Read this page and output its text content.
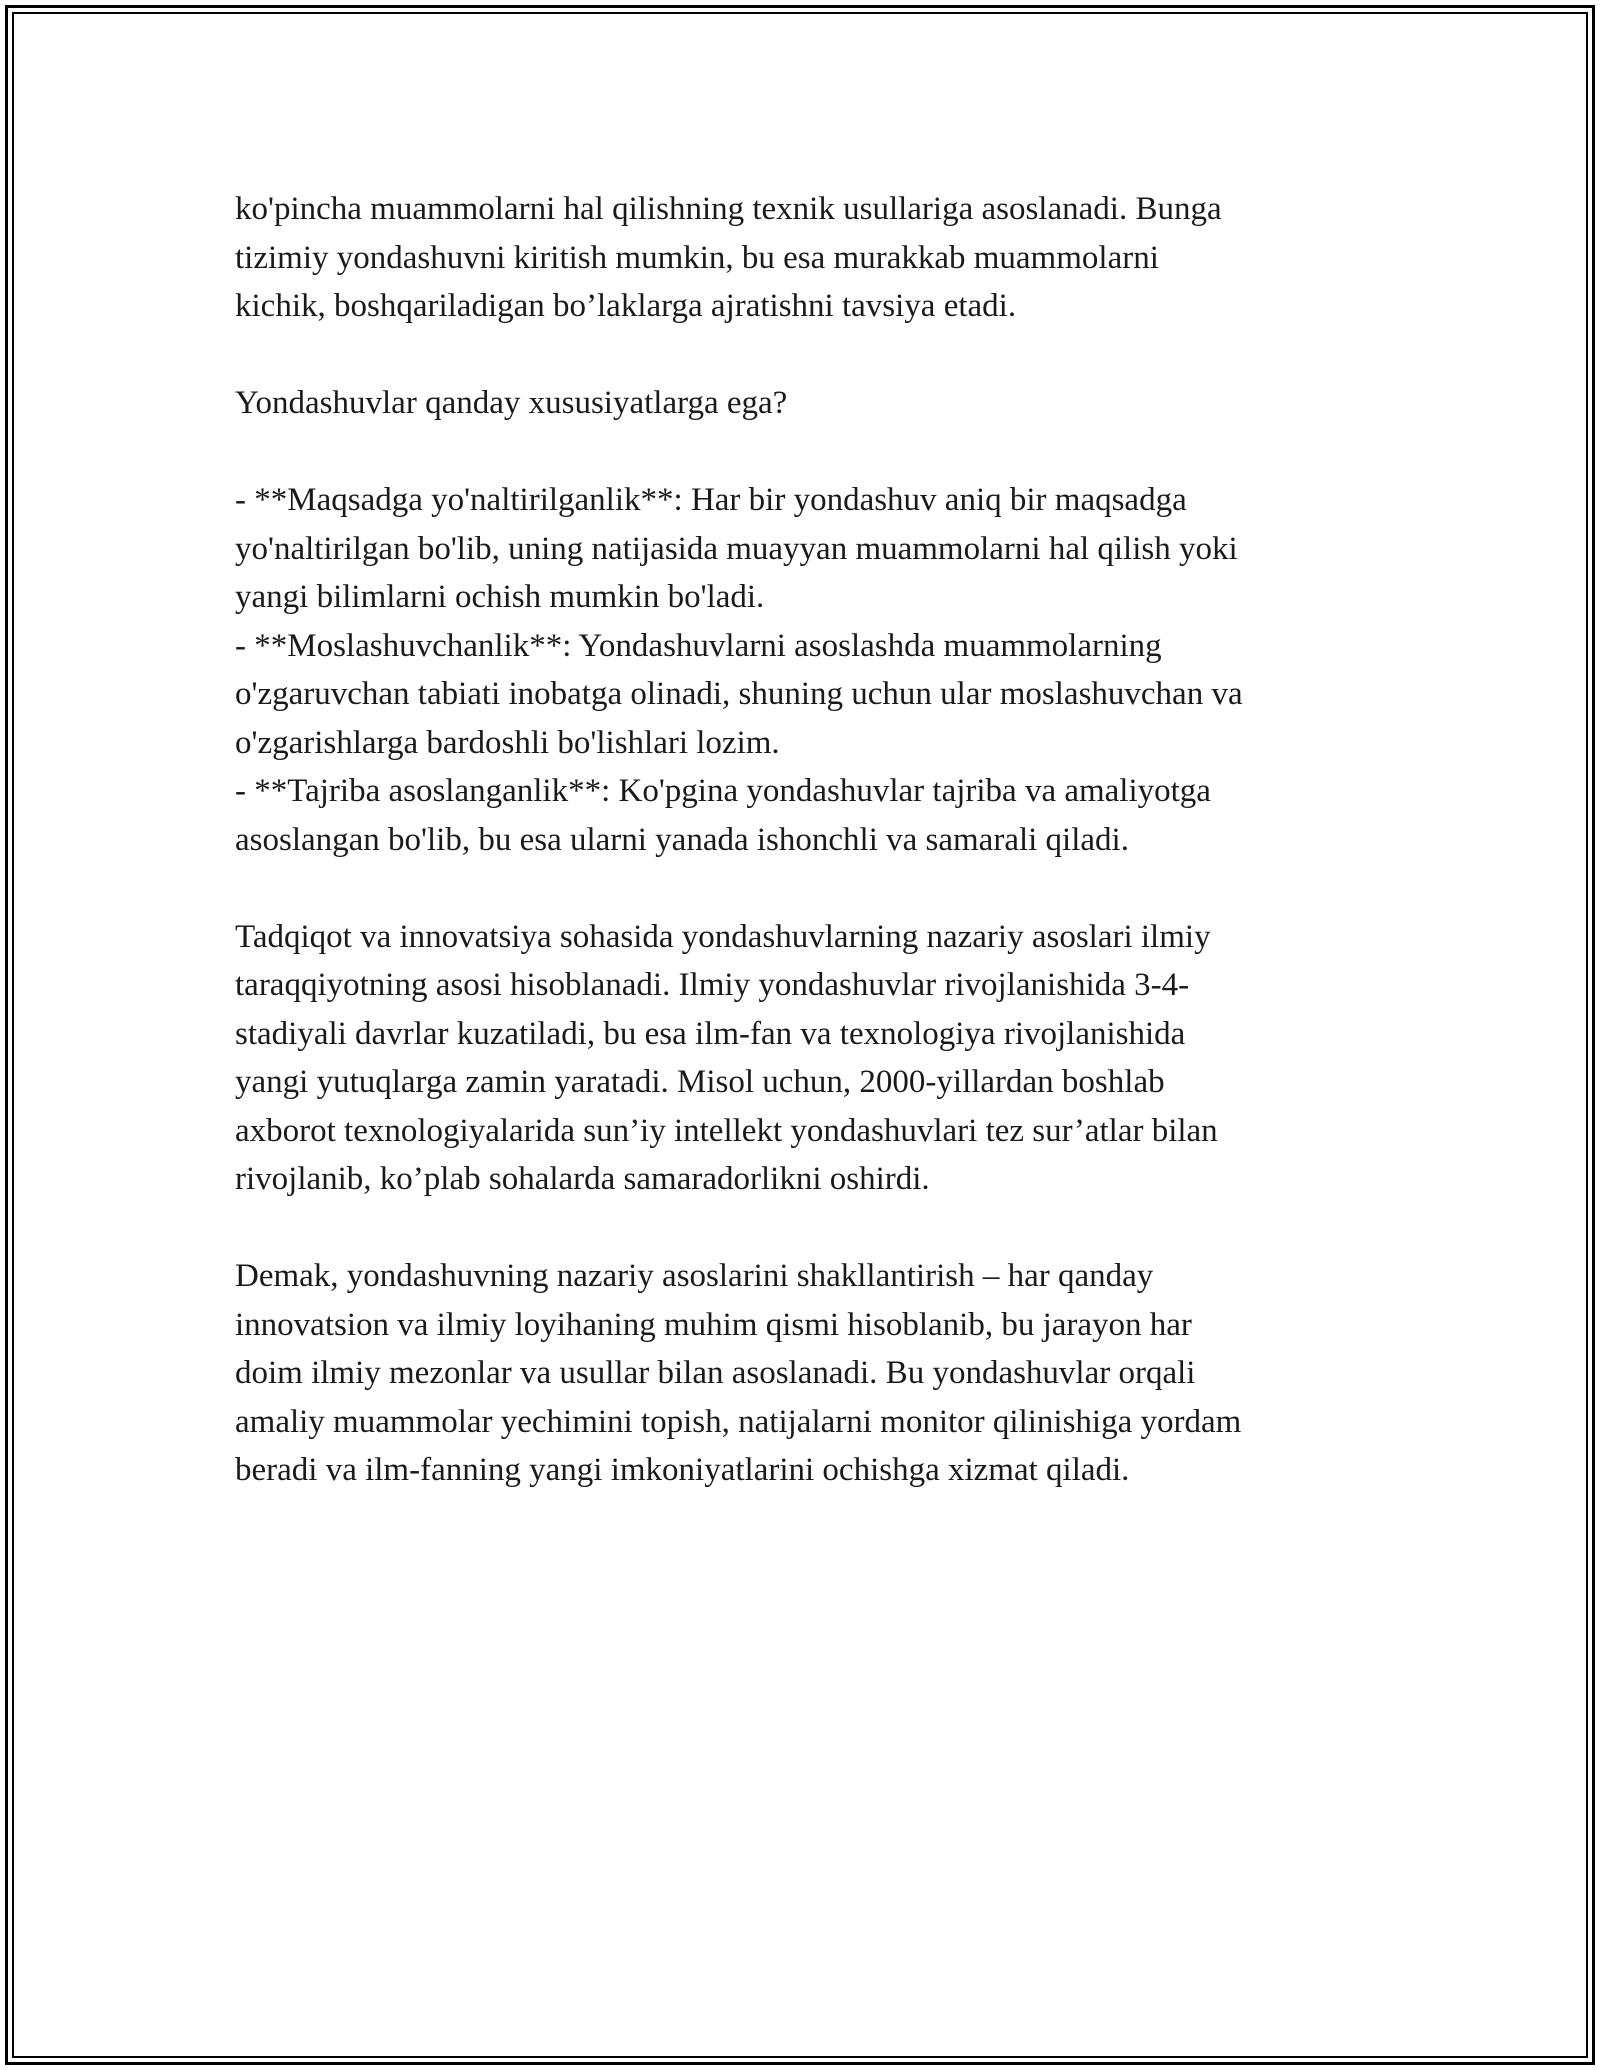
ko'pincha muammolarni hal qilishning texnik usullariga asoslanadi. Bunga
tizimiy yondashuvni kiritish mumkin, bu esa murakkab muammolarni
kichik, boshqariladigan bo’laklarga ajratishni tavsiya etadi.

Yondashuvlar qanday xususiyatlarga ega?

- **Maqsadga yo'naltirilganlik**: Har bir yondashuv aniq bir maqsadga
yo'naltirilgan bo'lib, uning natijasida muayyan muammolarni hal qilish yoki
yangi bilimlarni ochish mumkin bo'ladi.
- **Moslashuvchanlik**: Yondashuvlarni asoslashda muammolarning
o'zgaruvchan tabiati inobatga olinadi, shuning uchun ular moslashuvchan va
o'zgarishlarga bardoshli bo'lishlari lozim.
- **Tajriba asoslanganlik**: Ko'pgina yondashuvlar tajriba va amaliyotga
asoslangan bo'lib, bu esa ularni yanada ishonchli va samarali qiladi.

Tadqiqot va innovatsiya sohasida yondashuvlarning nazariy asoslari ilmiy
taraqqiyotning asosi hisoblanadi. Ilmiy yondashuvlar rivojlanishida 3-4-
stadiyali davrlar kuzatiladi, bu esa ilm-fan va texnologiya rivojlanishida
yangi yutuqlarga zamin yaratadi. Misol uchun, 2000-yillardan boshlab
axborot texnologiyalarida sun’iy intellekt yondashuvlari tez sur’atlar bilan
rivojlanib, ko’plab sohalarda samaradorlikni oshirdi.

Demak, yondashuvning nazariy asoslarini shakllantirish – har qanday
innovatsion va ilmiy loyihaning muhim qismi hisoblanib, bu jarayon har
doim ilmiy mezonlar va usullar bilan asoslanadi. Bu yondashuvlar orqali
amaliy muammolar yechimini topish, natijalarni monitor qilinishiga yordam
beradi va ilm-fanning yangi imkoniyatlarini ochishga xizmat qiladi.
